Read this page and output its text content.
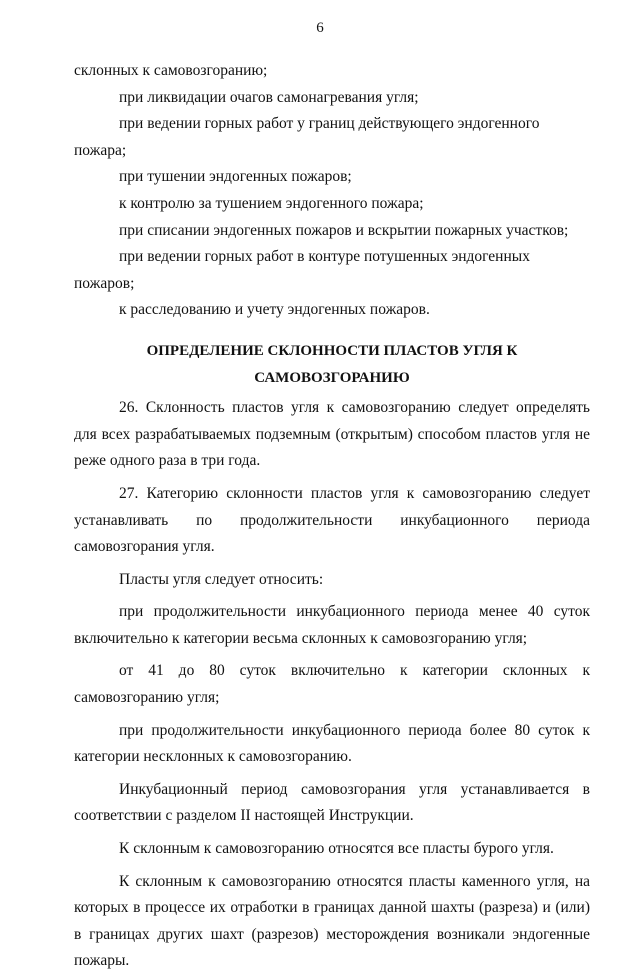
6

склонных к самовозгоранию;

при ликвидации очагов самонагревания угля;

при ведении горных работ у границ действующего эндогенного пожара;

при тушении эндогенных пожаров;

к контролю за тушением эндогенного пожара;

при списании эндогенных пожаров и вскрытии пожарных участков;

при ведении горных работ в контуре потушенных эндогенных пожаров;

к расследованию и учету эндогенных пожаров.

ОПРЕДЕЛЕНИЕ СКЛОННОСТИ ПЛАСТОВ УГЛЯ К САМОВОЗГОРАНИЮ

26. Склонность пластов угля к самовозгоранию следует определять для всех разрабатываемых подземным (открытым) способом пластов угля не реже одного раза в три года.

27. Категорию склонности пластов угля к самовозгоранию следует устанавливать по продолжительности инкубационного периода самовозгорания угля.

Пласты угля следует относить:

при продолжительности инкубационного периода менее 40 суток включительно к категории весьма склонных к самовозгоранию угля;

от 41 до 80 суток включительно к категории склонных к самовозгоранию угля;

при продолжительности инкубационного периода более 80 суток к категории несклонных к самовозгоранию.

Инкубационный период самовозгорания угля устанавливается в соответствии с разделом II настоящей Инструкции.

К склонным к самовозгоранию относятся все пласты бурого угля.

К склонным к самовозгоранию относятся пласты каменного угля, на которых в процессе их отработки в границах данной шахты (разреза) и (или) в границах других шахт (разрезов) месторождения возникали эндогенные пожары.
